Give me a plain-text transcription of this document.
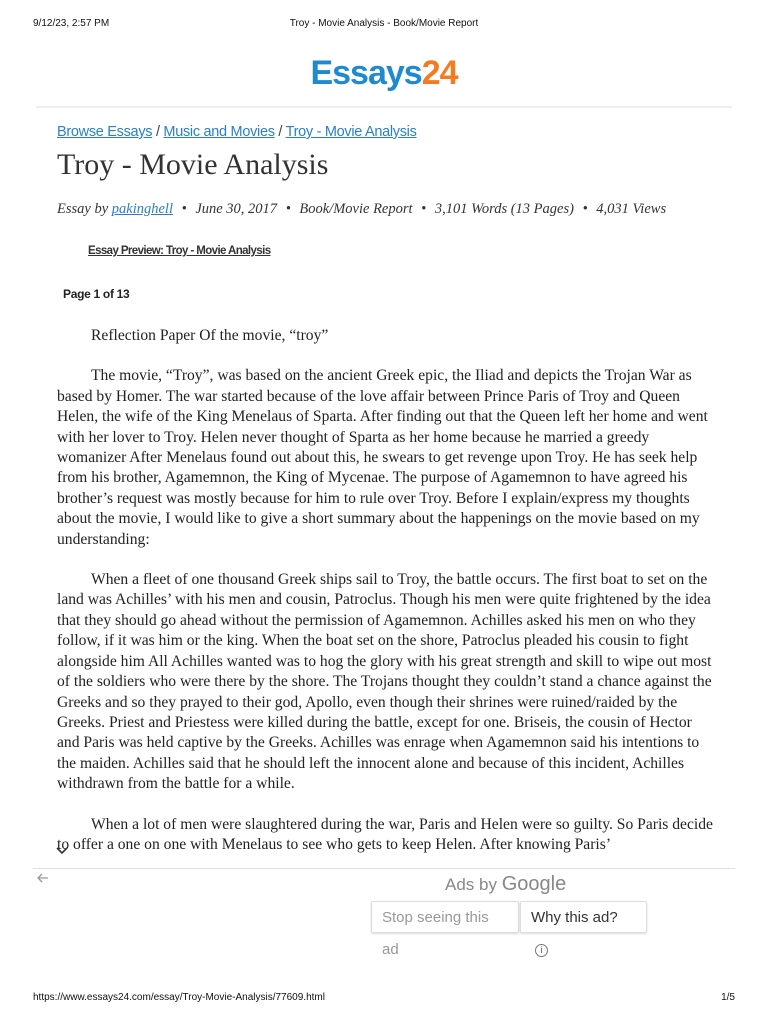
9/12/23, 2:57 PM	Troy - Movie Analysis - Book/Movie Report
Essays24
Browse Essays / Music and Movies / Troy - Movie Analysis
Troy - Movie Analysis
Essay by pakinghell • June 30, 2017 • Book/Movie Report • 3,101 Words (13 Pages) • 4,031 Views
Essay Preview: Troy - Movie Analysis
Page 1 of 13

Reflection Paper Of the movie, “troy”

The movie, “Troy”, was based on the ancient Greek epic, the Iliad and depicts the Trojan War as based by Homer. The war started because of the love affair between Prince Paris of Troy and Queen Helen, the wife of the King Menelaus of Sparta. After finding out that the Queen left her home and went with her lover to Troy. Helen never thought of Sparta as her home because he married a greedy womanizer After Menelaus found out about this, he swears to get revenge upon Troy. He has seek help from his brother, Agamemnon, the King of Mycenae. The purpose of Agamemnon to have agreed his brother’s request was mostly because for him to rule over Troy. Before I explain/express my thoughts about the movie, I would like to give a short summary about the happenings on the movie based on my understanding:

When a fleet of one thousand Greek ships sail to Troy, the battle occurs. The first boat to set on the land was Achilles’ with his men and cousin, Patroclus. Though his men were quite frightened by the idea that they should go ahead without the permission of Agamemnon. Achilles asked his men on who they follow, if it was him or the king. When the boat set on the shore, Patroclus pleaded his cousin to fight alongside him All Achilles wanted was to hog the glory with his great strength and skill to wipe out most of the soldiers who were there by the shore. The Trojans thought they couldn’t stand a chance against the Greeks and so they prayed to their god, Apollo, even though their shrines were ruined/raided by the Greeks. Priest and Priestess were killed during the battle, except for one. Briseis, the cousin of Hector and Paris was held captive by the Greeks. Achilles was enrage when Agamemnon said his intentions to the maiden. Achilles said that he should left the innocent alone and because of this incident, Achilles withdrawn from the battle for a while.

When a lot of men were slaughtered during the war, Paris and Helen were so guilty. So Paris decide to offer a one on one with Menelaus to see who gets to keep Helen. After knowing Paris’

Ads by Google
Stop seeing this ad
Why this ad? i
https://www.essays24.com/essay/Troy-Movie-Analysis/77609.html	1/5
